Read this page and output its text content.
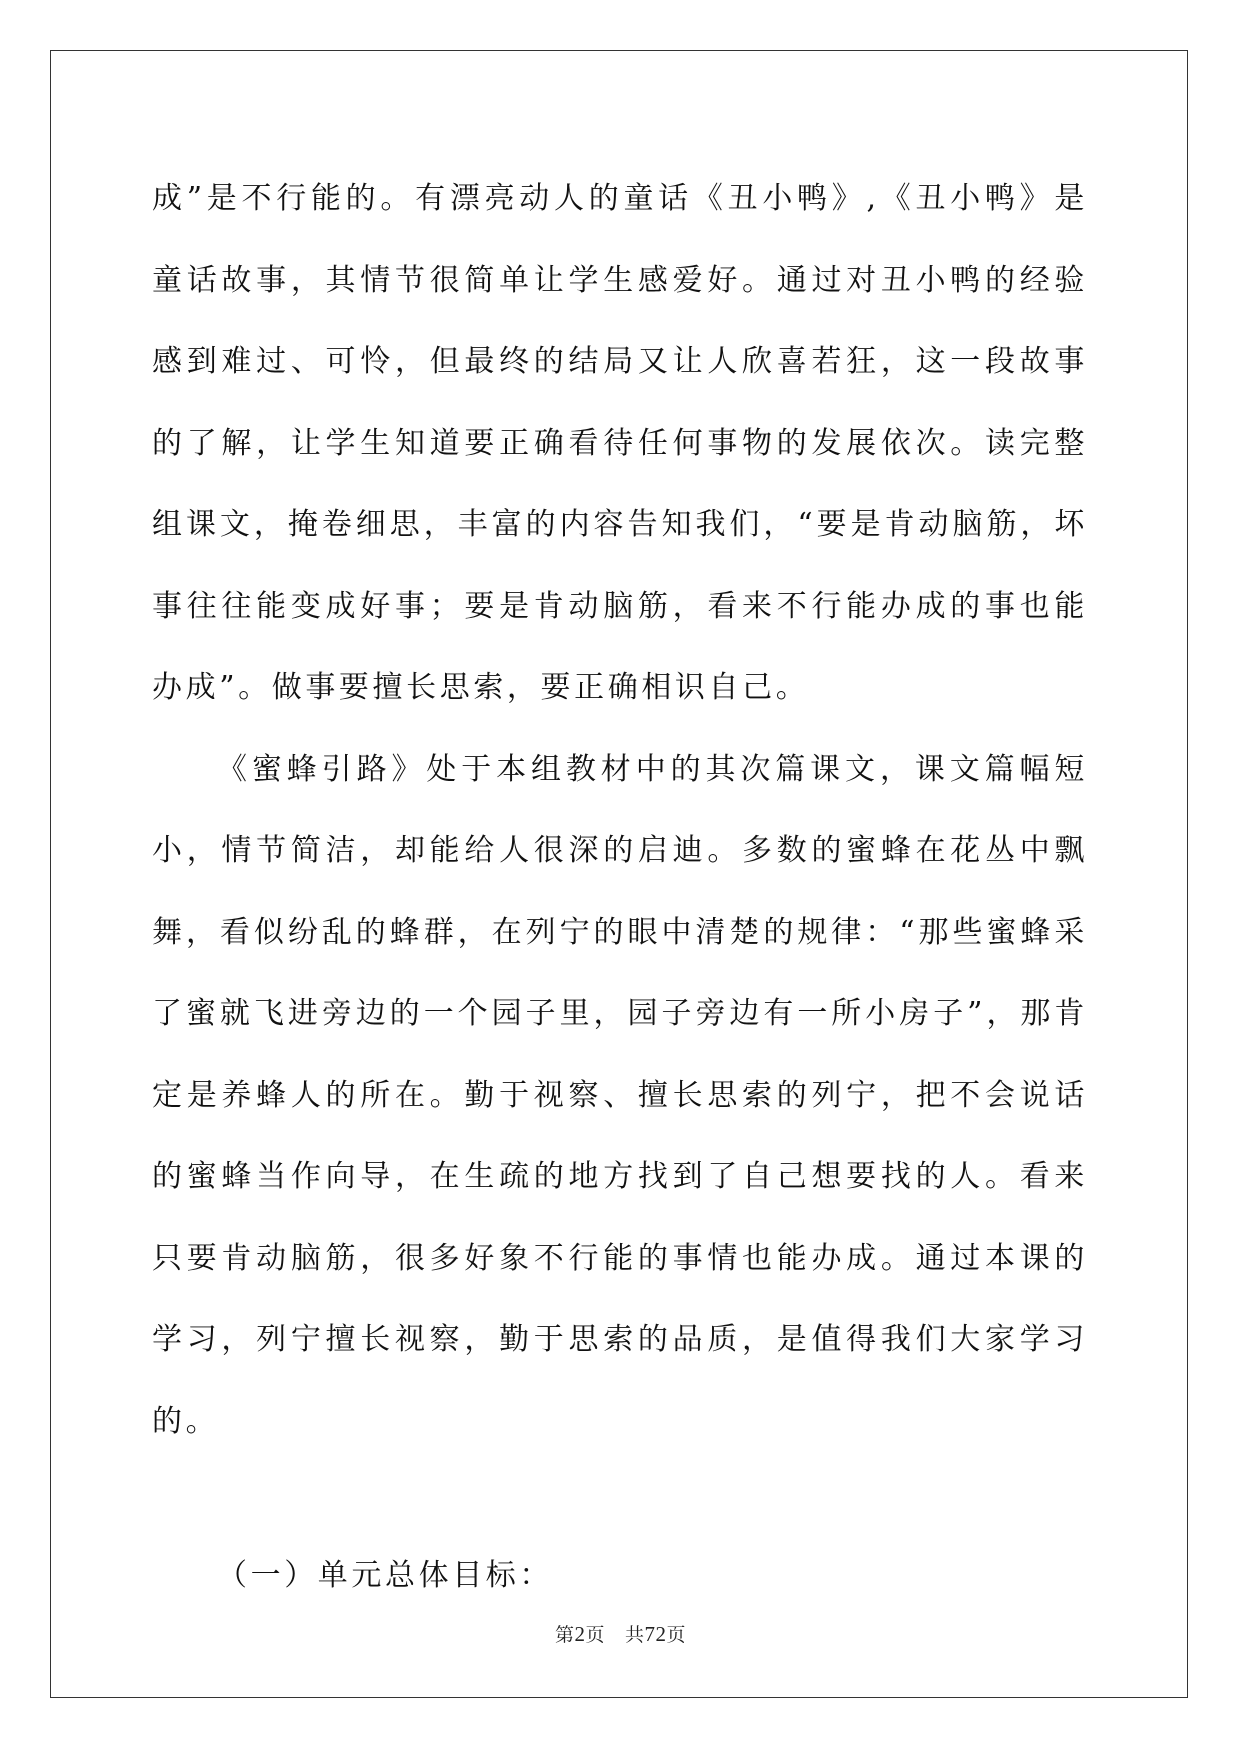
成”是不行能的。有漂亮动人的童话《丑小鸭》,《丑小鸭》是童话故事，其情节很简单让学生感爱好。通过对丑小鸭的经验感到难过、可怜，但最终的结局又让人欣喜若狂，这一段故事的了解，让学生知道要正确看待任何事物的发展依次。读完整组课文，掩卷细思，丰富的内容告知我们，“要是肯动脑筋，坏事往往能变成好事；要是肯动脑筋，看来不行能办成的事也能办成”。做事要擅长思索，要正确相识自己。

《蜜蜂引路》处于本组教材中的其次篇课文，课文篇幅短小，情节简洁，却能给人很深的启迪。多数的蜜蜂在花丛中飘舞，看似纷乱的蜂群，在列宁的眼中清楚的规律：“那些蜜蜂采了蜜就飞进旁边的一个园子里，园子旁边有一所小房子”，那肯定是养蜂人的所在。勤于视察、擅长思索的列宁，把不会说话的蜜蜂当作向导，在生疏的地方找到了自己想要找的人。看来只要肯动脑筋，很多好象不行能的事情也能办成。通过本课的学习，列宁擅长视察，勤于思索的品质，是值得我们大家学习的。

（一）单元总体目标：

第2页 共72页
